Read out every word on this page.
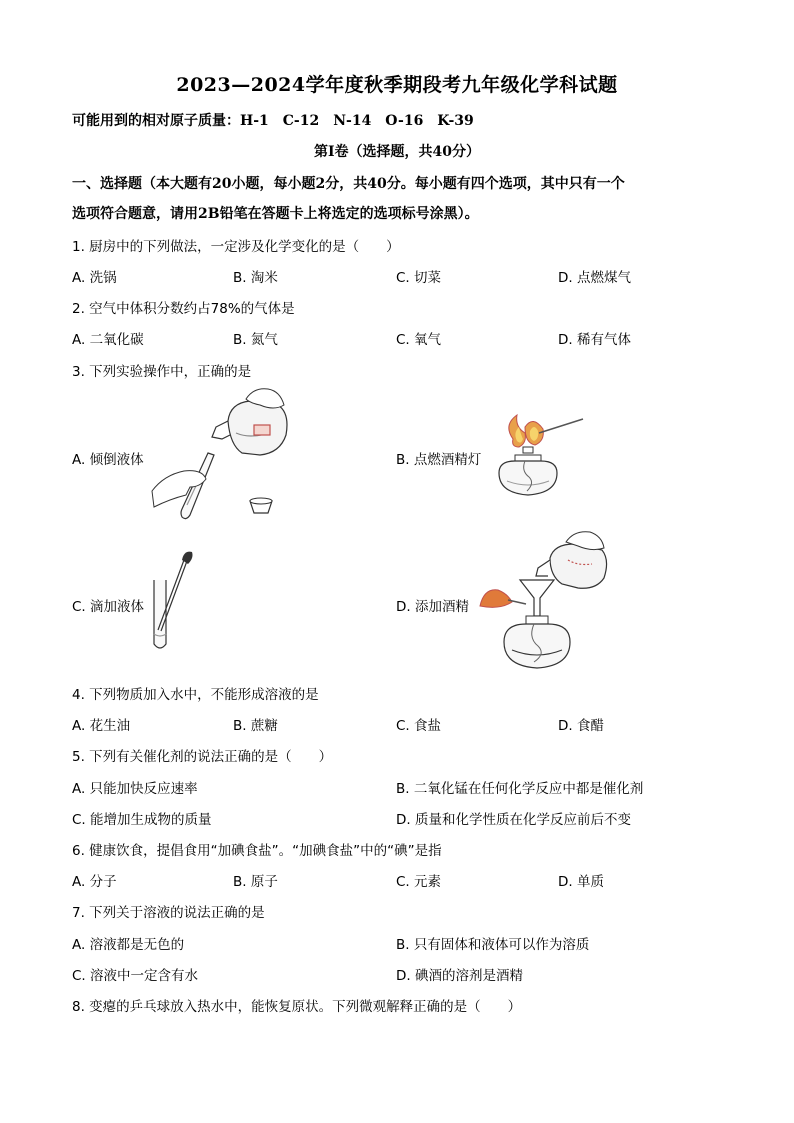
2023—2024学年度秋季期段考九年级化学科试题
可能用到的相对原子质量：H-1　C-12　N-14　O-16　K-39
第Ⅰ卷（选择题，共40分）
一、选择题（本大题有20小题，每小题2分，共40分。每小题有四个选项，其中只有一个
选项符合题意，请用2B铅笔在答题卡上将选定的选项标号涂黑）。
1. 厨房中的下列做法，一定涉及化学变化的是（　　）
A. 洗锅	B. 淘米	C. 切菜	D. 点燃煤气
2. 空气中体积分数约占78%的气体是
A. 二氧化碳	B. 氮气	C. 氧气	D. 稀有气体
3. 下列实验操作中，正确的是
A. 倾倒液体	B. 点燃酒精灯
C. 滴加液体	D. 添加酒精
4. 下列物质加入水中，不能形成溶液的是
A. 花生油	B. 蔗糖	C. 食盐	D. 食醋
5. 下列有关催化剂的说法正确的是（　　）
A. 只能加快反应速率	B. 二氧化锰在任何化学反应中都是催化剂
C. 能增加生成物的质量	D. 质量和化学性质在化学反应前后不变
6. 健康饮食，提倡食用“加碘食盐”。“加碘食盐”中的“碘”是指
A. 分子	B. 原子	C. 元素	D. 单质
7. 下列关于溶液的说法正确的是
A. 溶液都是无色的	B. 只有固体和液体可以作为溶质
C. 溶液中一定含有水	D. 碘酒的溶剂是酒精
8. 变瘪的乒乓球放入热水中，能恢复原状。下列微观解释正确的是（　　）
